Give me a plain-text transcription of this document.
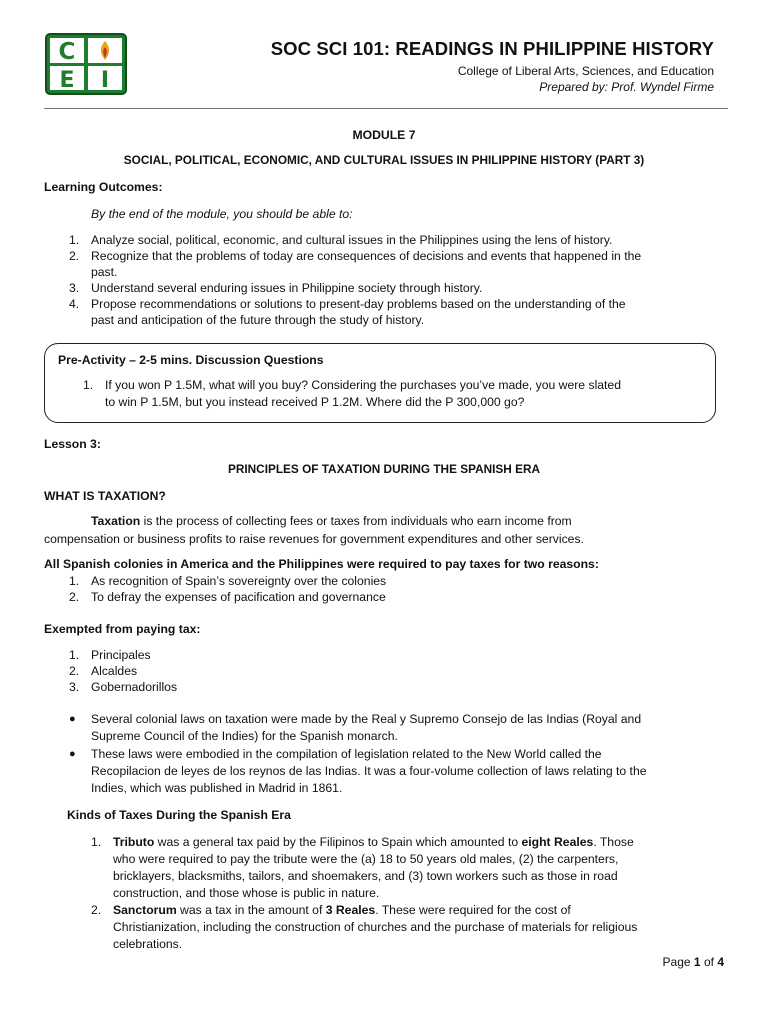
C
E I
SOC SCI 101: READINGS IN PHILIPPINE HISTORY
College of Liberal Arts, Sciences, and Education
Prepared by: Prof. Wyndel Firme
MODULE 7
SOCIAL, POLITICAL, ECONOMIC, AND CULTURAL ISSUES IN PHILIPPINE HISTORY (PART 3)
Learning Outcomes:
By the end of the module, you should be able to:
1. Analyze social, political, economic, and cultural issues in the Philippines using the lens of history.
2. Recognize that the problems of today are consequences of decisions and events that happened in the
past.
3. Understand several enduring issues in Philippine society through history.
4. Propose recommendations or solutions to present-day problems based on the understanding of the
past and anticipation of the future through the study of history.
Pre-Activity – 2-5 mins. Discussion Questions
1. If you won P 1.5M, what will you buy? Considering the purchases you’ve made, you were slated
to win P 1.5M, but you instead received P 1.2M. Where did the P 300,000 go?
Lesson 3:
PRINCIPLES OF TAXATION DURING THE SPANISH ERA
WHAT IS TAXATION?
Taxation is the process of collecting fees or taxes from individuals who earn income from
compensation or business profits to raise revenues for government expenditures and other services.
All Spanish colonies in America and the Philippines were required to pay taxes for two reasons:
1. As recognition of Spain’s sovereignty over the colonies
2. To defray the expenses of pacification and governance
Exempted from paying tax:
1. Principales
2. Alcaldes
3. Gobernadorillos
● Several colonial laws on taxation were made by the Real y Supremo Consejo de las Indias (Royal and
Supreme Council of the Indies) for the Spanish monarch.
● These laws were embodied in the compilation of legislation related to the New World called the
Recopilacion de leyes de los reynos de las Indias. It was a four-volume collection of laws relating to the
Indies, which was published in Madrid in 1861.
Kinds of Taxes During the Spanish Era
1. Tributo was a general tax paid by the Filipinos to Spain which amounted to eight Reales. Those
who were required to pay the tribute were the (a) 18 to 50 years old males, (2) the carpenters,
bricklayers, blacksmiths, tailors, and shoemakers, and (3) town workers such as those in road
construction, and those whose is public in nature.
2. Sanctorum was a tax in the amount of 3 Reales. These were required for the cost of
Christianization, including the construction of churches and the purchase of materials for religious
celebrations.
Page 1 of 4
